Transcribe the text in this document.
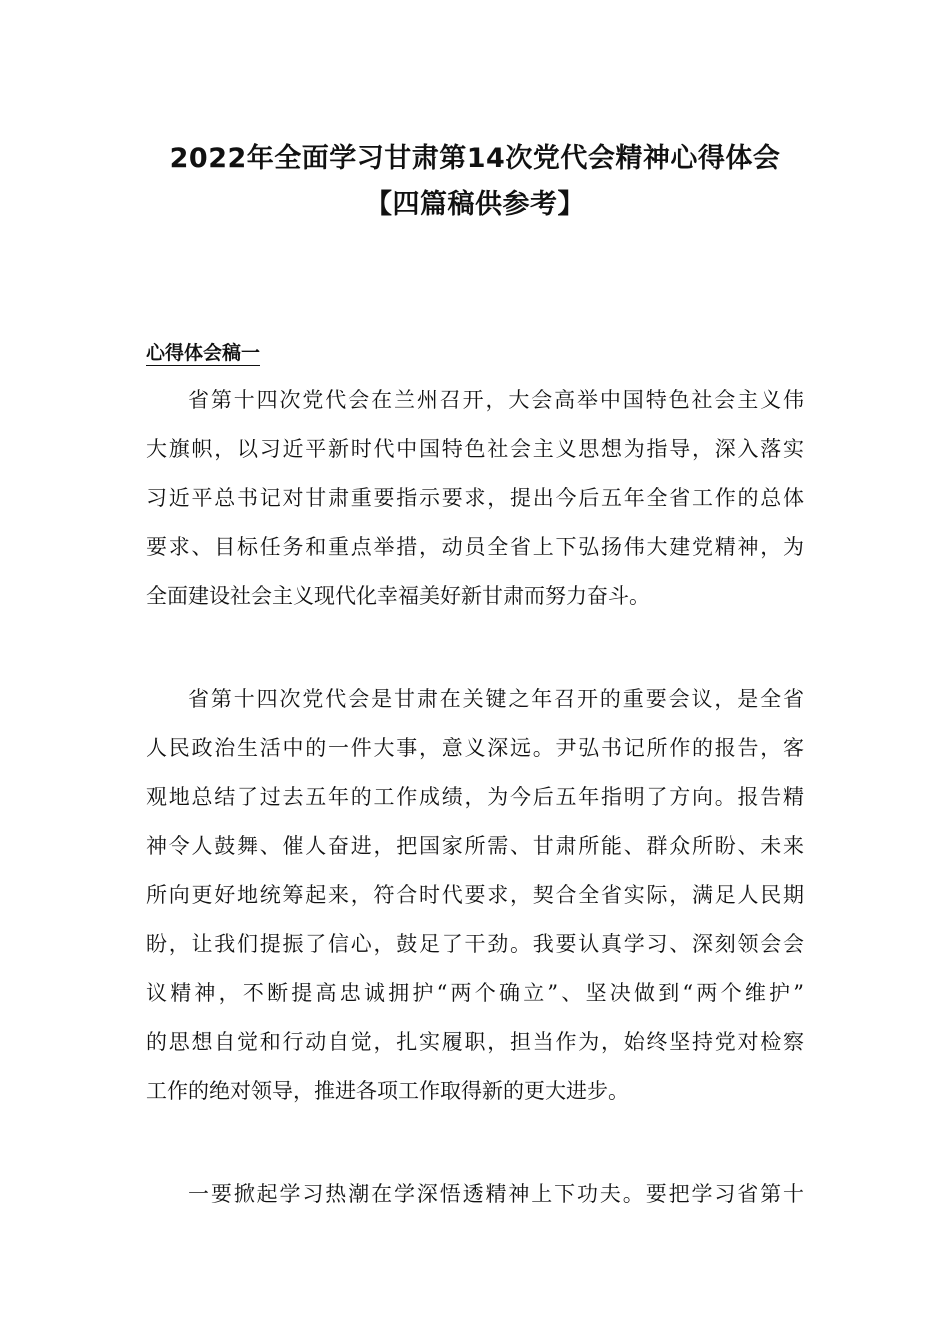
2022年全面学习甘肃第14次党代会精神心得体会
【四篇稿供参考】
心得体会稿一
省第十四次党代会在兰州召开，大会高举中国特色社会主义伟
大旗帜，以习近平新时代中国特色社会主义思想为指导，深入落实
习近平总书记对甘肃重要指示要求，提出今后五年全省工作的总体
要求、目标任务和重点举措，动员全省上下弘扬伟大建党精神，为
全面建设社会主义现代化幸福美好新甘肃而努力奋斗。
省第十四次党代会是甘肃在关键之年召开的重要会议，是全省
人民政治生活中的一件大事，意义深远。尹弘书记所作的报告，客
观地总结了过去五年的工作成绩，为今后五年指明了方向。报告精
神令人鼓舞、催人奋进，把国家所需、甘肃所能、群众所盼、未来
所向更好地统筹起来，符合时代要求，契合全省实际，满足人民期
盼，让我们提振了信心，鼓足了干劲。我要认真学习、深刻领会会
议精神，不断提高忠诚拥护“两个确立”、坚决做到“两个维护”
的思想自觉和行动自觉，扎实履职，担当作为，始终坚持党对检察
工作的绝对领导，推进各项工作取得新的更大进步。
一要掀起学习热潮在学深悟透精神上下功夫。要把学习省第十
